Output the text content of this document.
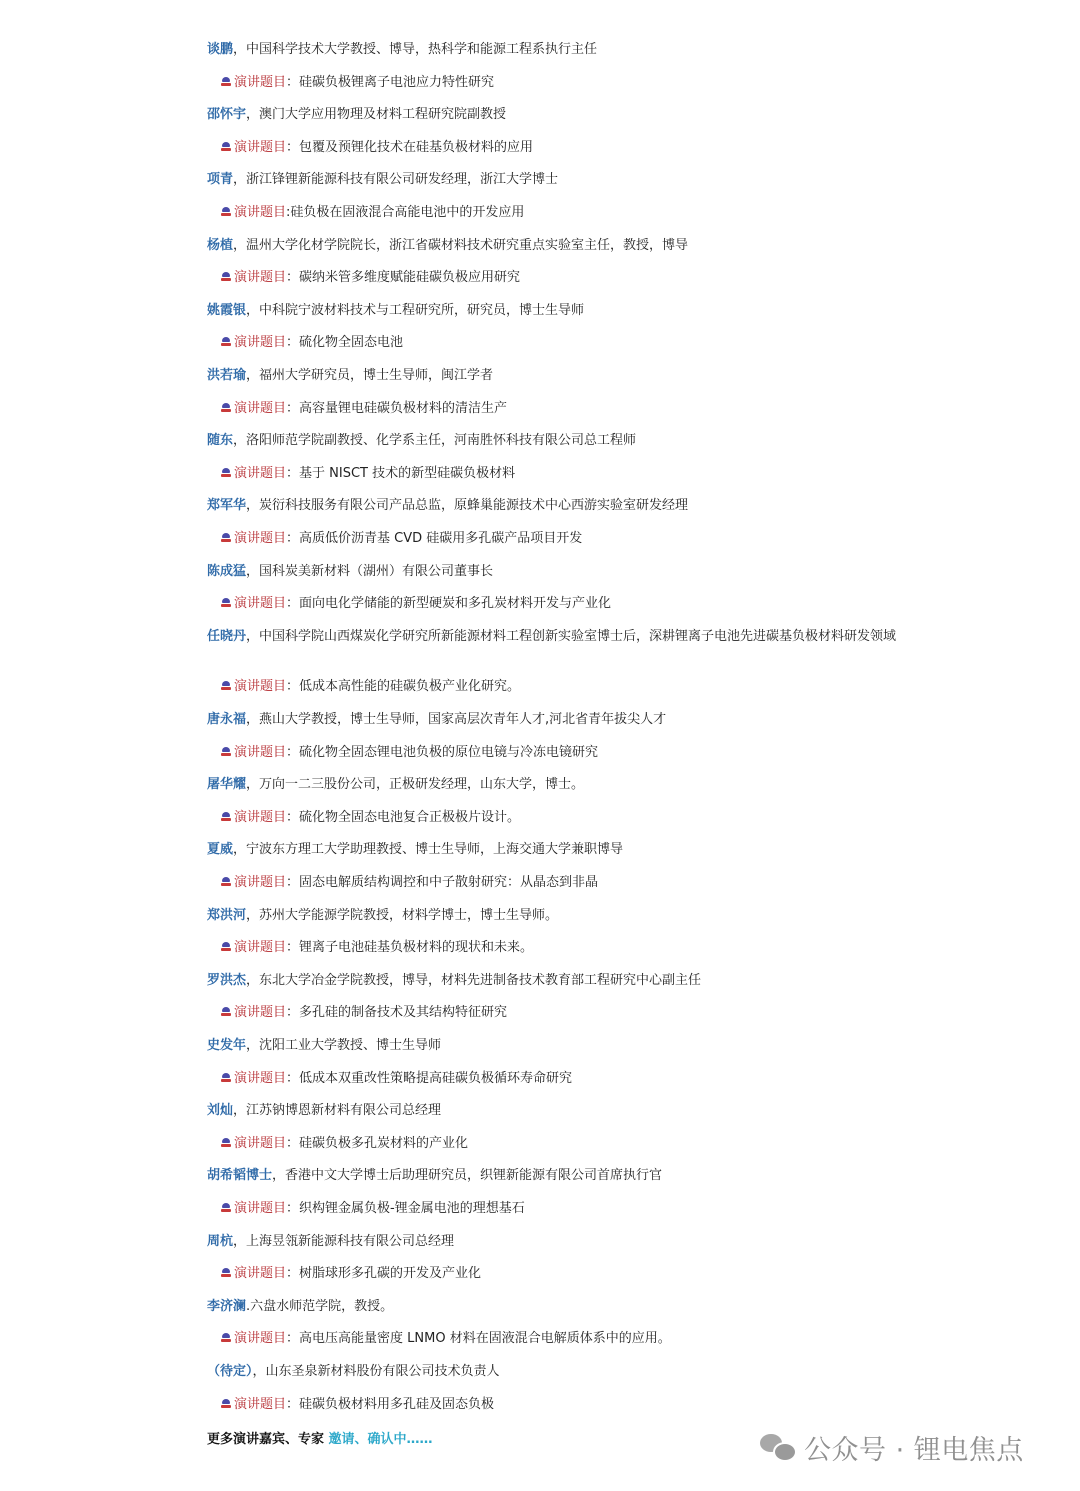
谈鹏，中国科学技术大学教授、博导，热科学和能源工程系执行主任

演讲题目：硅碳负极锂离子电池应力特性研究

邵怀宇，澳门大学应用物理及材料工程研究院副教授

演讲题目：包覆及预锂化技术在硅基负极材料的应用

项青，浙江锋锂新能源科技有限公司研发经理，浙江大学博士

演讲题目:硅负极在固液混合高能电池中的开发应用

杨植，温州大学化材学院院长，浙江省碳材料技术研究重点实验室主任，教授，博导

演讲题目：碳纳米管多维度赋能硅碳负极应用研究

姚霞银，中科院宁波材料技术与工程研究所，研究员，博士生导师

演讲题目：硫化物全固态电池

洪若瑜，福州大学研究员，博士生导师，闽江学者

演讲题目：高容量锂电硅碳负极材料的清洁生产

随东，洛阳师范学院副教授、化学系主任，河南胜怀科技有限公司总工程师

演讲题目：基于 NISCT 技术的新型硅碳负极材料

郑军华，炭衍科技服务有限公司产品总监，原蜂巢能源技术中心西游实验室研发经理

演讲题目：高质低价沥青基 CVD 硅碳用多孔碳产品项目开发

陈成猛，国科炭美新材料（湖州）有限公司董事长

演讲题目：面向电化学储能的新型硬炭和多孔炭材料开发与产业化

任晓丹，中国科学院山西煤炭化学研究所新能源材料工程创新实验室博士后，深耕锂离子电池先进碳基负极材料研发领域

演讲题目：低成本高性能的硅碳负极产业化研究。

唐永福，燕山大学教授，博士生导师，国家高层次青年人才,河北省青年拔尖人才

演讲题目：硫化物全固态锂电池负极的原位电镜与冷冻电镜研究

屠华耀，万向一二三股份公司，正极研发经理，山东大学，博士。

演讲题目：硫化物全固态电池复合正极极片设计。

夏威，宁波东方理工大学助理教授、博士生导师，上海交通大学兼职博导

演讲题目：固态电解质结构调控和中子散射研究：从晶态到非晶

郑洪河，苏州大学能源学院教授，材料学博士，博士生导师。

演讲题目：锂离子电池硅基负极材料的现状和未来。

罗洪杰，东北大学冶金学院教授，博导，材料先进制备技术教育部工程研究中心副主任

演讲题目：多孔硅的制备技术及其结构特征研究

史发年，沈阳工业大学教授、博士生导师

演讲题目：低成本双重改性策略提高硅碳负极循环寿命研究

刘灿，江苏钠博恩新材料有限公司总经理

演讲题目：硅碳负极多孔炭材料的产业化

胡希韬博士，香港中文大学博士后助理研究员，织锂新能源有限公司首席执行官

演讲题目：织构锂金属负极-锂金属电池的理想基石

周杭，上海昱瓴新能源科技有限公司总经理

演讲题目：树脂球形多孔碳的开发及产业化

李济澜.六盘水师范学院，教授。

演讲题目：高电压高能量密度 LNMO 材料在固液混合电解质体系中的应用。

（待定），山东圣泉新材料股份有限公司技术负责人

演讲题目：硅碳负极材料用多孔硅及固态负极
更多演讲嘉宾、专家 邀请、确认中……	公众号 · 锂电焦点
